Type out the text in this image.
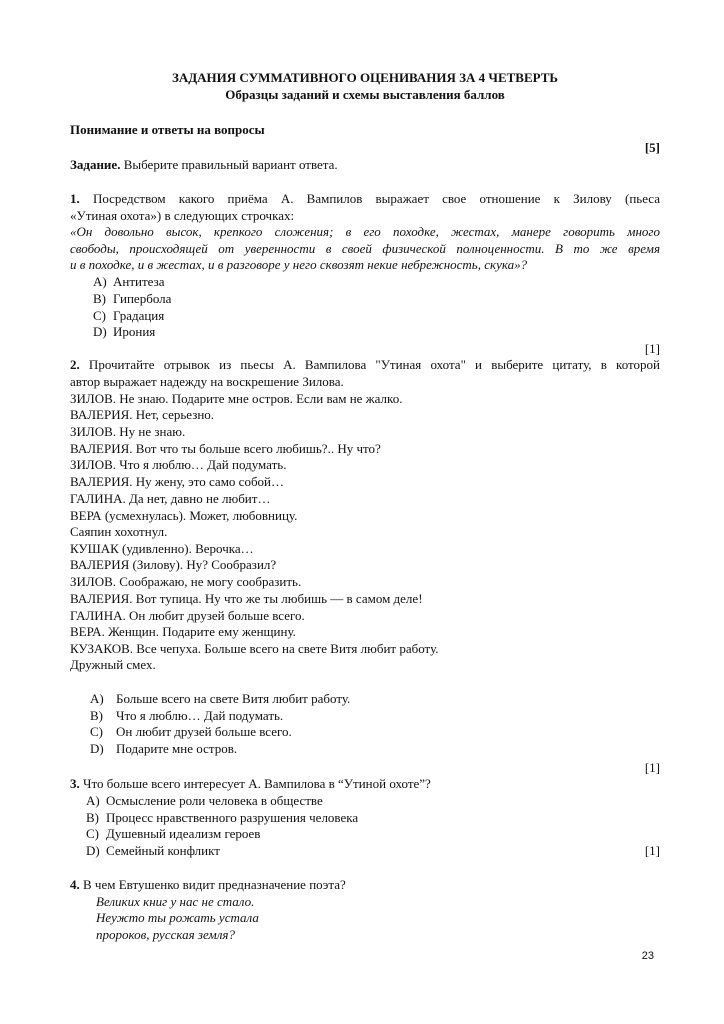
ЗАДАНИЯ СУММАТИВНОГО ОЦЕНИВАНИЯ ЗА 4 ЧЕТВЕРТЬ
Образцы заданий и схемы выставления баллов
Понимание и ответы на вопросы
[5]
Задание. Выберите правильный вариант ответа.
1. Посредством какого приёма А. Вампилов выражает свое отношение к Зилову (пьеса
«Утиная охота») в следующих строчках:
«Он довольно высок, крепкого сложения; в его походке, жестах, манере говорить много
свободы, происходящей от уверенности в своей физической полноценности. В то же время
и в походке, и в жестах, и в разговоре у него сквозят некие небрежность, скука»?
A) Антитеза
B) Гипербола
C) Градация
D) Ирония
[1]
2. Прочитайте отрывок из пьесы А. Вампилова "Утиная охота" и выберите цитату, в которой
автор выражает надежду на воскрешение Зилова.
ЗИЛОВ. Не знаю. Подарите мне остров. Если вам не жалко.
ВАЛЕРИЯ. Нет, серьезно.
ЗИЛОВ. Ну не знаю.
ВАЛЕРИЯ. Вот что ты больше всего любишь?.. Ну что?
ЗИЛОВ. Что я люблю… Дай подумать.
ВАЛЕРИЯ. Ну жену, это само собой…
ГАЛИНА. Да нет, давно не любит…
ВЕРА (усмехнулась). Может, любовницу.
Саяпин хохотнул.
КУШАК (удивленно). Верочка…
ВАЛЕРИЯ (Зилову). Ну? Сообразил?
ЗИЛОВ. Соображаю, не могу сообразить.
ВАЛЕРИЯ. Вот тупица. Ну что же ты любишь — в самом деле!
ГАЛИНА. Он любит друзей больше всего.
ВЕРА. Женщин. Подарите ему женщину.
КУЗАКОВ. Все чепуха. Больше всего на свете Витя любит работу.
Дружный смех.
A) Больше всего на свете Витя любит работу.
B) Что я люблю… Дай подумать.
C) Он любит друзей больше всего.
D) Подарите мне остров.
[1]
3. Что больше всего интересует А. Вампилова в “Утиной охоте”?
A) Осмысление роли человека в обществе
B) Процесс нравственного разрушения человека
C) Душевный идеализм героев
D) Семейный конфликт	[1]
4. В чем Евтушенко видит предназначение поэта?
Великих книг у нас не стало.
Неужто ты рожать устала
пророков, русская земля?
23
